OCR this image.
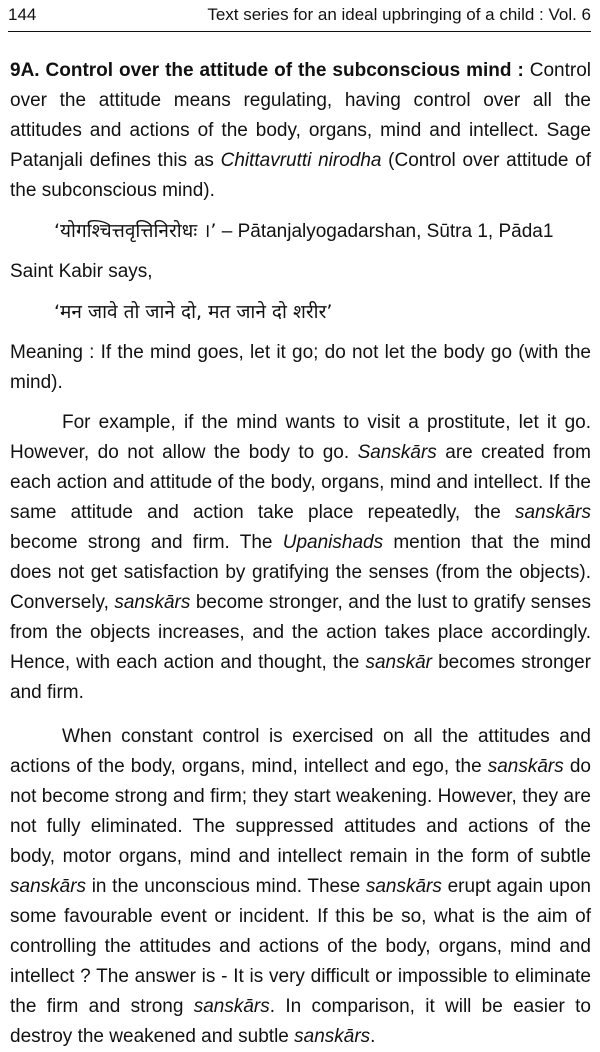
144	Text series for an ideal upbringing of a child : Vol. 6

9A. Control over the attitude of the subconscious mind : Control over the attitude means regulating, having control over all the attitudes and actions of the body, organs, mind and intellect. Sage Patanjali defines this as Chittavrutti nirodha (Control over attitude of the subconscious mind).

‘योगश्चित्तवृत्तिनिरोधः ।’ – Pātanjalyogadarshan, Sūtra 1, Pāda1

Saint Kabir says,

‘मन जावे तो जाने दो, मत जाने दो शरीर’

Meaning : If the mind goes, let it go; do not let the body go (with the mind).

For example, if the mind wants to visit a prostitute, let it go. However, do not allow the body to go. Sanskārs are created from each action and attitude of the body, organs, mind and intellect. If the same attitude and action take place repeatedly, the sanskārs become strong and firm. The Upanishads mention that the mind does not get satisfaction by gratifying the senses (from the objects). Conversely, sanskārs become stronger, and the lust to gratify senses from the objects increases, and the action takes place accordingly. Hence, with each action and thought, the sanskār becomes stronger and firm.

When constant control is exercised on all the attitudes and actions of the body, organs, mind, intellect and ego, the sanskārs do not become strong and firm; they start weakening. However, they are not fully eliminated. The suppressed attitudes and actions of the body, motor organs, mind and intellect remain in the form of subtle sanskārs in the unconscious mind. These sanskārs erupt again upon some favourable event or incident. If this be so, what is the aim of controlling the attitudes and actions of the body, organs, mind and intellect ? The answer is - It is very difficult or impossible to eliminate the firm and strong sanskārs. In comparison, it will be easier to destroy the weakened and subtle sanskārs.
